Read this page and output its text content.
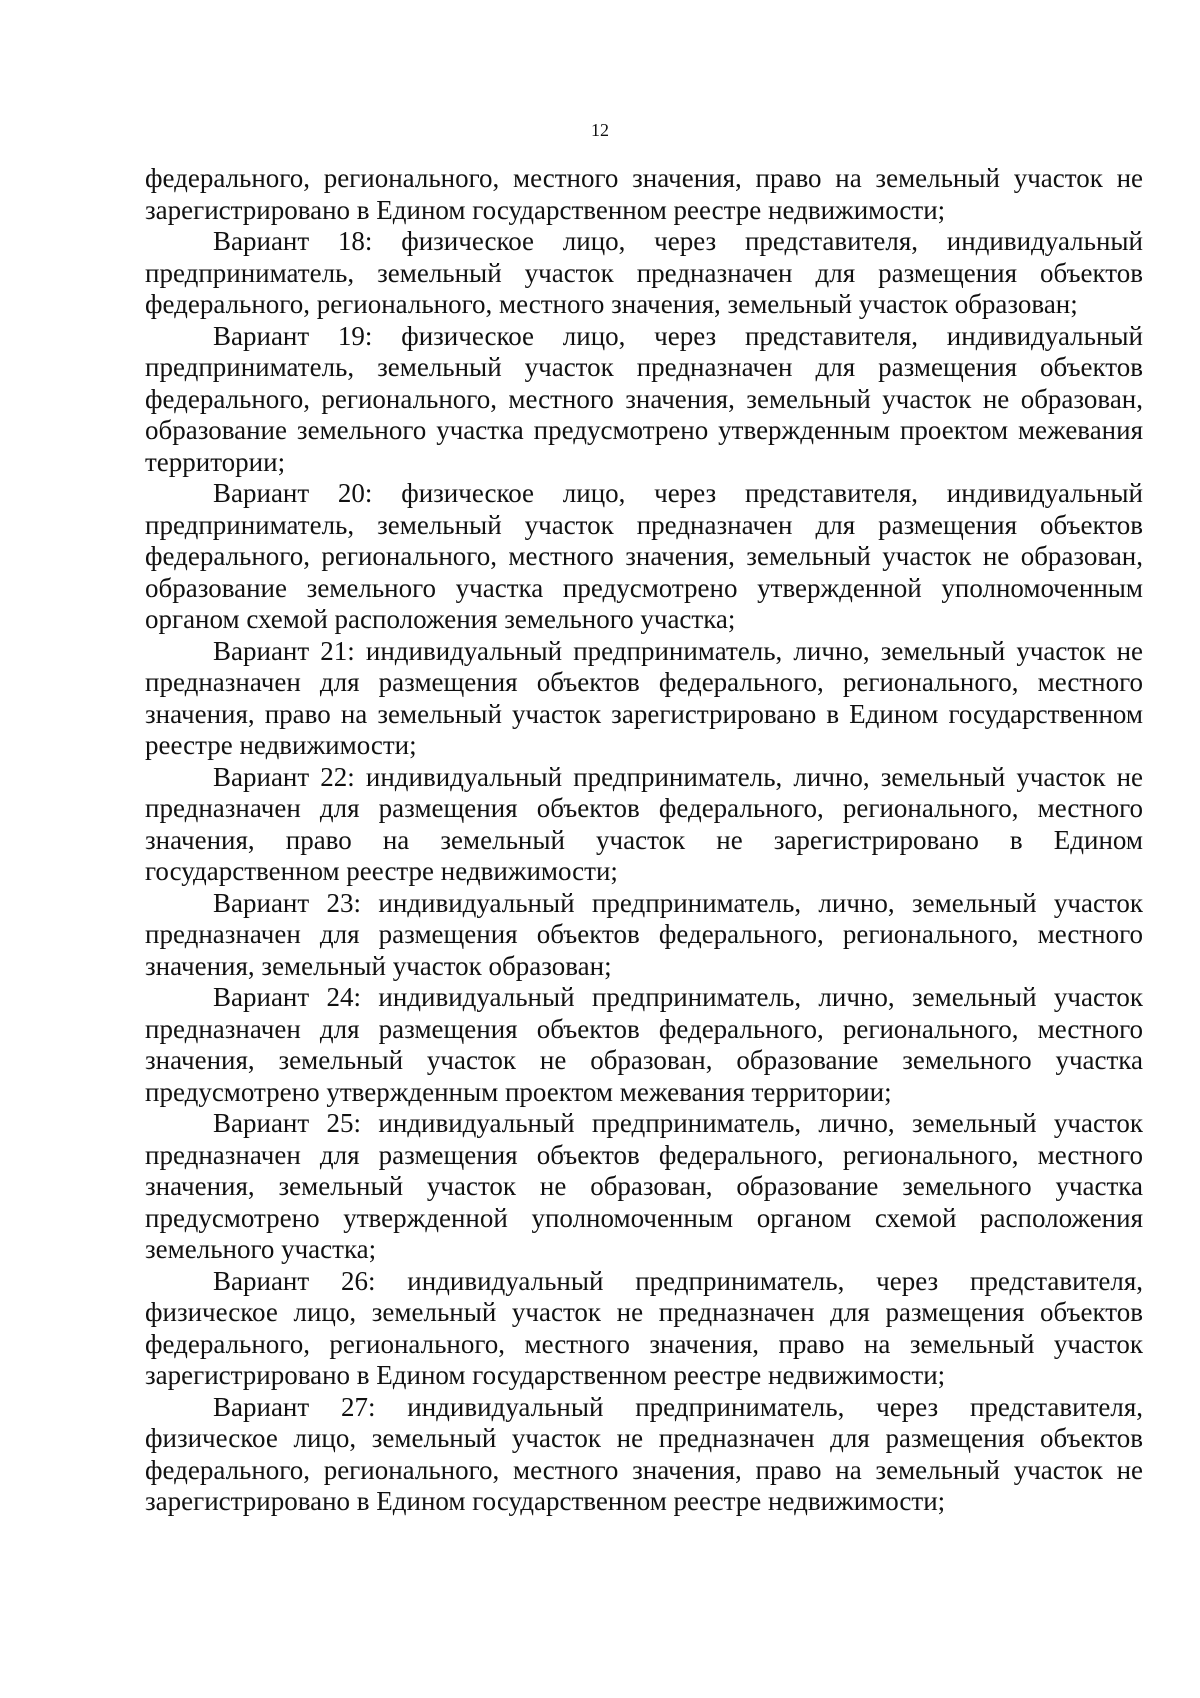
12

федерального, регионального, местного значения, право на земельный участок не зарегистрировано в Едином государственном реестре недвижимости;

Вариант 18: физическое лицо, через представителя, индивидуальный предприниматель, земельный участок предназначен для размещения объектов федерального, регионального, местного значения, земельный участок образован;

Вариант 19: физическое лицо, через представителя, индивидуальный предприниматель, земельный участок предназначен для размещения объектов федерального, регионального, местного значения, земельный участок не образован, образование земельного участка предусмотрено утвержденным проектом межевания территории;

Вариант 20: физическое лицо, через представителя, индивидуальный предприниматель, земельный участок предназначен для размещения объектов федерального, регионального, местного значения, земельный участок не образован, образование земельного участка предусмотрено утвержденной уполномоченным органом схемой расположения земельного участка;

Вариант 21: индивидуальный предприниматель, лично, земельный участок не предназначен для размещения объектов федерального, регионального, местного значения, право на земельный участок зарегистрировано в Едином государственном реестре недвижимости;

Вариант 22: индивидуальный предприниматель, лично, земельный участок не предназначен для размещения объектов федерального, регионального, местного значения, право на земельный участок не зарегистрировано в Едином государственном реестре недвижимости;

Вариант 23: индивидуальный предприниматель, лично, земельный участок предназначен для размещения объектов федерального, регионального, местного значения, земельный участок образован;

Вариант 24: индивидуальный предприниматель, лично, земельный участок предназначен для размещения объектов федерального, регионального, местного значения, земельный участок не образован, образование земельного участка предусмотрено утвержденным проектом межевания территории;

Вариант 25: индивидуальный предприниматель, лично, земельный участок предназначен для размещения объектов федерального, регионального, местного значения, земельный участок не образован, образование земельного участка предусмотрено утвержденной уполномоченным органом схемой расположения земельного участка;

Вариант 26: индивидуальный предприниматель, через представителя, физическое лицо, земельный участок не предназначен для размещения объектов федерального, регионального, местного значения, право на земельный участок зарегистрировано в Едином государственном реестре недвижимости;

Вариант 27: индивидуальный предприниматель, через представителя, физическое лицо, земельный участок не предназначен для размещения объектов федерального, регионального, местного значения, право на земельный участок не зарегистрировано в Едином государственном реестре недвижимости;
